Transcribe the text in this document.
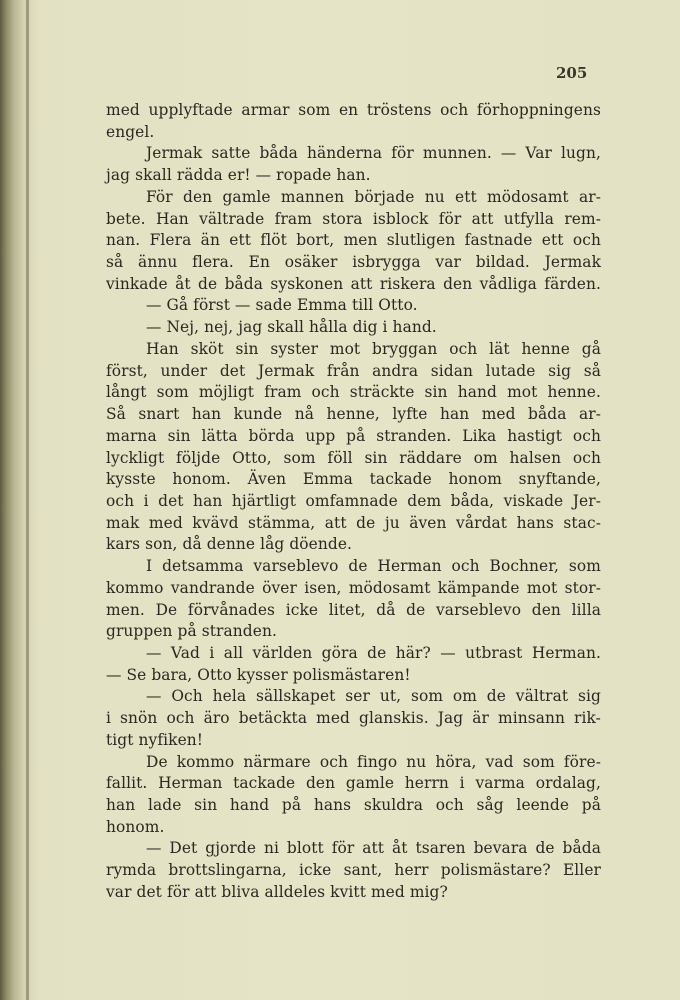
205
med upplyftade armar som en tröstens och förhoppningens
engel.
Jermak satte båda händerna för munnen. — Var lugn,
jag skall rädda er! — ropade han.
För den gamle mannen började nu ett mödosamt ar-
bete. Han vältrade fram stora isblock för att utfylla rem-
nan. Flera än ett flöt bort, men slutligen fastnade ett och
så ännu flera. En osäker isbrygga var bildad. Jermak
vinkade åt de båda syskonen att riskera den vådliga färden.
— Gå först — sade Emma till Otto.
— Nej, nej, jag skall hålla dig i hand.
Han sköt sin syster mot bryggan och lät henne gå
först, under det Jermak från andra sidan lutade sig så
långt som möjligt fram och sträckte sin hand mot henne.
Så snart han kunde nå henne, lyfte han med båda ar-
marna sin lätta börda upp på stranden. Lika hastigt och
lyckligt följde Otto, som föll sin räddare om halsen och
kysste honom. Även Emma tackade honom snyftande,
och i det han hjärtligt omfamnade dem båda, viskade Jer-
mak med kvävd stämma, att de ju även vårdat hans stac-
kars son, då denne låg döende.
I detsamma varseblevo de Herman och Bochner, som
kommo vandrande över isen, mödosamt kämpande mot stor-
men. De förvånades icke litet, då de varseblevo den lilla
gruppen på stranden.
— Vad i all världen göra de här? — utbrast Herman.
— Se bara, Otto kysser polismästaren!
— Och hela sällskapet ser ut, som om de vältrat sig
i snön och äro betäckta med glanskis. Jag är minsann rik-
tigt nyfiken!
De kommo närmare och fingo nu höra, vad som före-
fallit. Herman tackade den gamle herrn i varma ordalag,
han lade sin hand på hans skuldra och såg leende på
honom.
— Det gjorde ni blott för att åt tsaren bevara de båda
rymda brottslingarna, icke sant, herr polismästare? Eller
var det för att bliva alldeles kvitt med mig?
